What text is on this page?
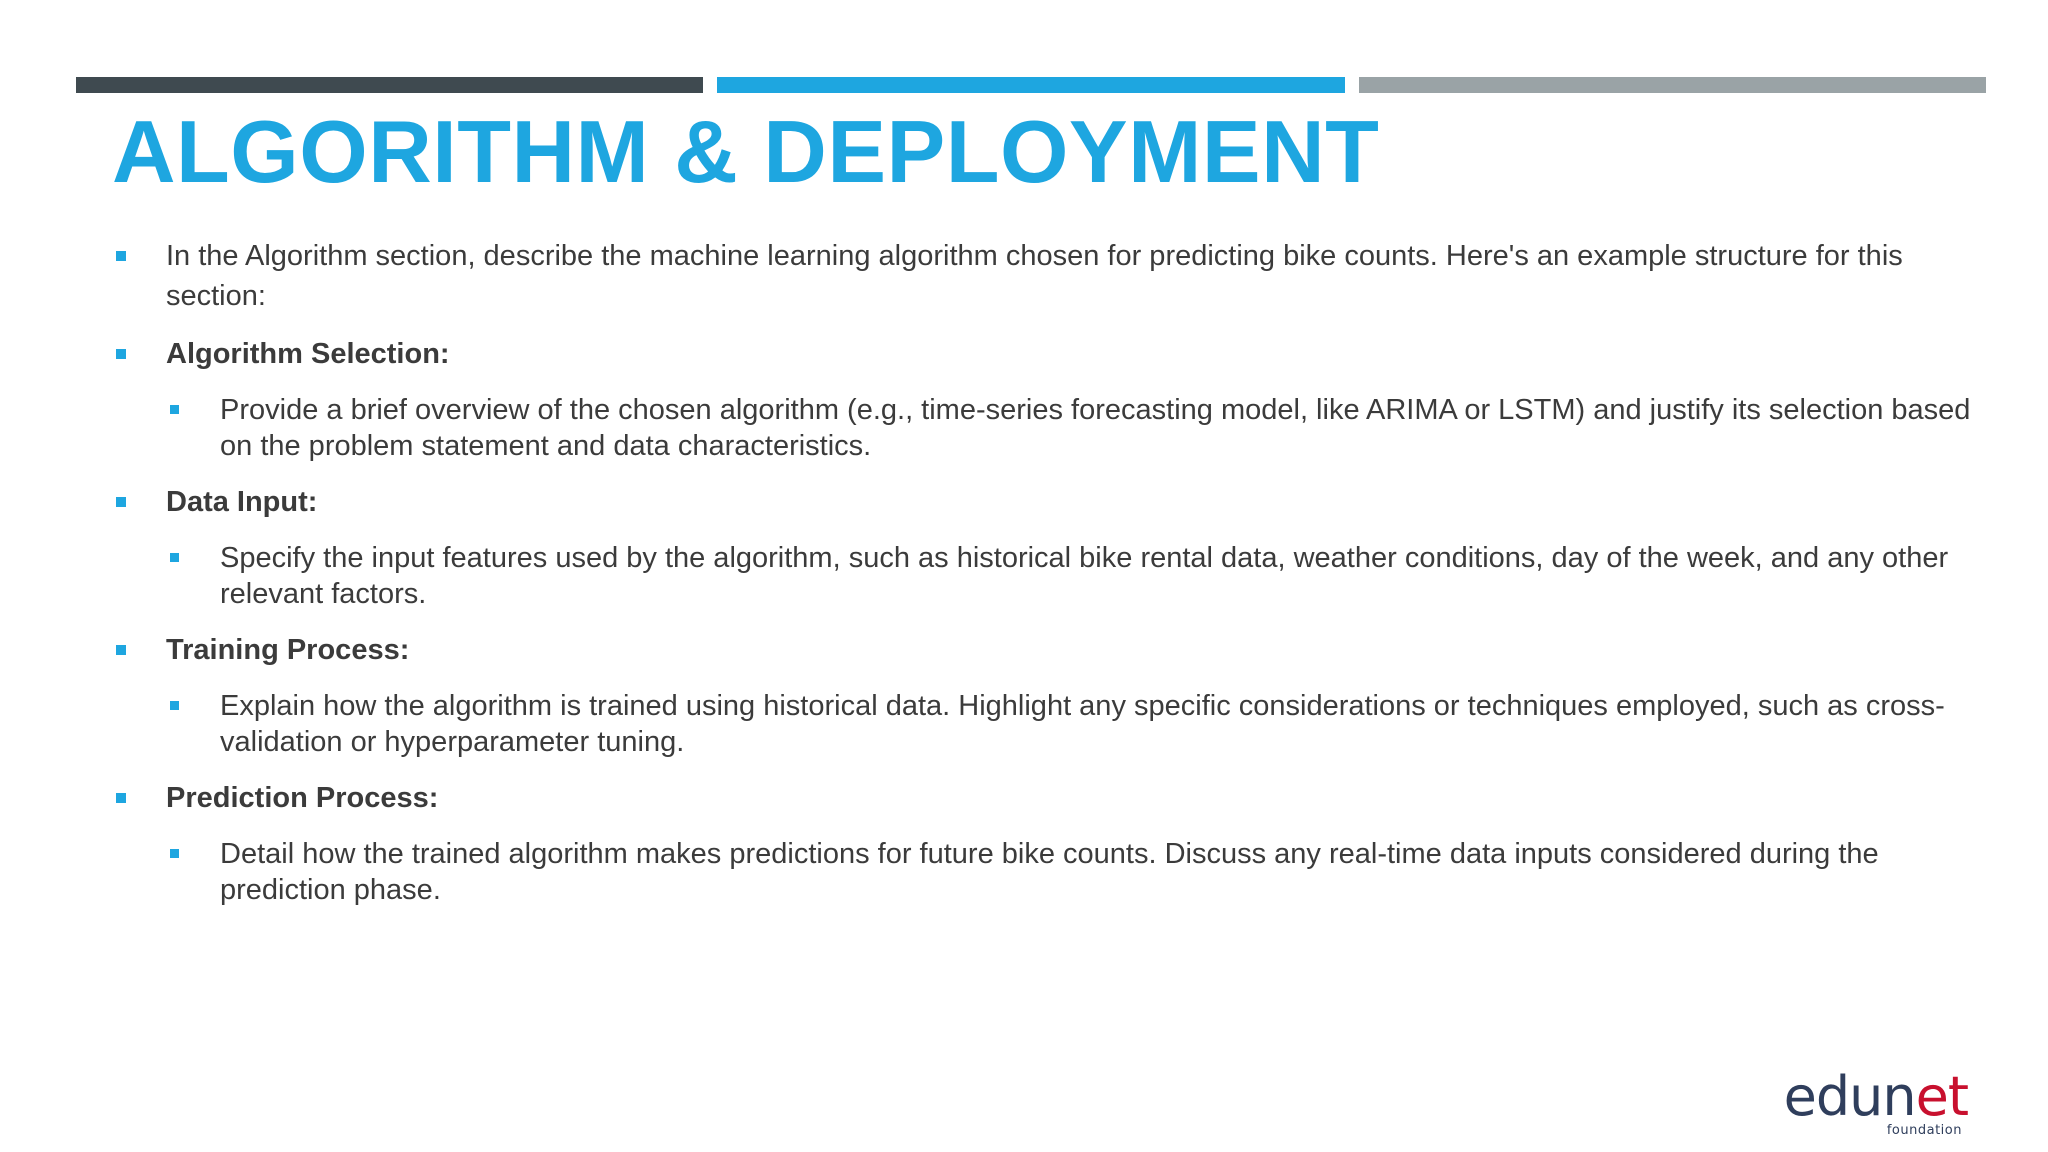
ALGORITHM & DEPLOYMENT
In the Algorithm section, describe the machine learning algorithm chosen for predicting bike counts. Here's an example structure for this section:
Algorithm Selection:
Provide a brief overview of the chosen algorithm (e.g., time-series forecasting model, like ARIMA or LSTM) and justify its selection based on the problem statement and data characteristics.
Data Input:
Specify the input features used by the algorithm, such as historical bike rental data, weather conditions, day of the week, and any other relevant factors.
Training Process:
Explain how the algorithm is trained using historical data. Highlight any specific considerations or techniques employed, such as cross-validation or hyperparameter tuning.
Prediction Process:
Detail how the trained algorithm makes predictions for future bike counts. Discuss any real-time data inputs considered during the prediction phase.
edunet
foundation
